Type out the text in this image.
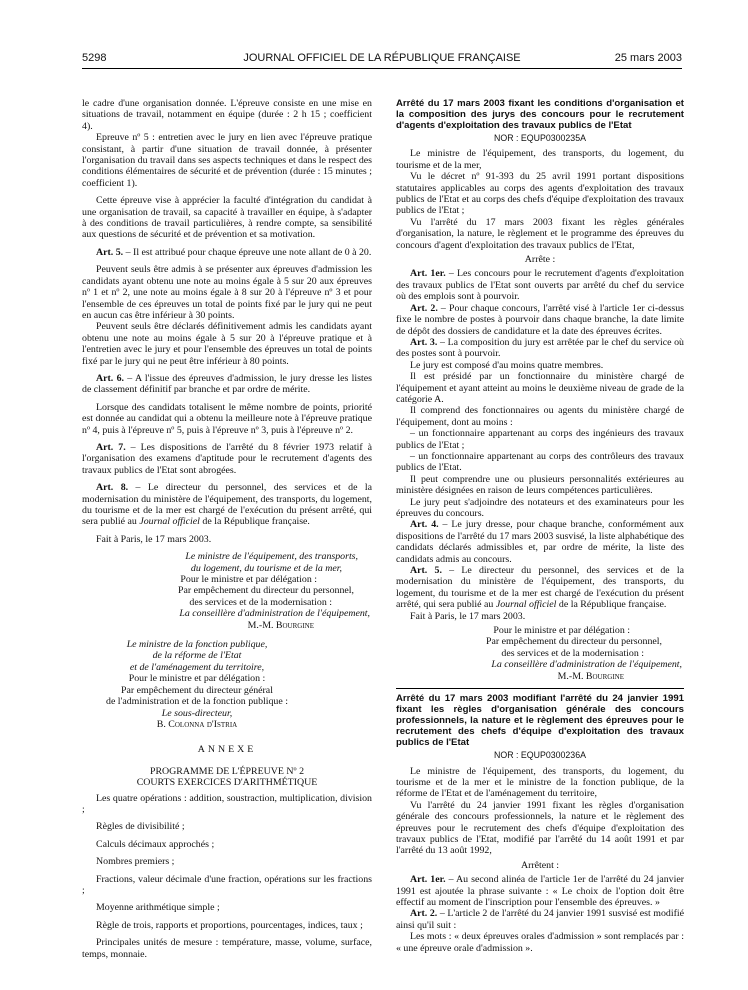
5298	JOURNAL OFFICIEL DE LA RÉPUBLIQUE FRANÇAISE	25 mars 2003

le cadre d'une organisation donnée. L'épreuve consiste en une mise en situations de travail, notamment en équipe (durée : 2 h 15 ; coefficient 4).

Epreuve nº 5 : entretien avec le jury en lien avec l'épreuve pratique consistant, à partir d'une situation de travail donnée, à présenter l'organisation du travail dans ses aspects techniques et dans le respect des conditions élémentaires de sécurité et de prévention (durée : 15 minutes ; coefficient 1).

Cette épreuve vise à apprécier la faculté d'intégration du candidat à une organisation de travail, sa capacité à travailler en équipe, à s'adapter à des conditions de travail particulières, à rendre compte, sa sensibilité aux questions de sécurité et de prévention et sa motivation.

Art. 5. – Il est attribué pour chaque épreuve une note allant de 0 à 20.

Peuvent seuls être admis à se présenter aux épreuves d'admission les candidats ayant obtenu une note au moins égale à 5 sur 20 aux épreuves nº 1 et nº 2, une note au moins égale à 8 sur 20 à l'épreuve nº 3 et pour l'ensemble de ces épreuves un total de points fixé par le jury qui ne peut en aucun cas être inférieur à 30 points.

Peuvent seuls être déclarés définitivement admis les candidats ayant obtenu une note au moins égale à 5 sur 20 à l'épreuve pratique et à l'entretien avec le jury et pour l'ensemble des épreuves un total de points fixé par le jury qui ne peut être inférieur à 80 points.

Art. 6. – A l'issue des épreuves d'admission, le jury dresse les listes de classement définitif par branche et par ordre de mérite.

Lorsque des candidats totalisent le même nombre de points, priorité est donnée au candidat qui a obtenu la meilleure note à l'épreuve pratique nº 4, puis à l'épreuve nº 5, puis à l'épreuve nº 3, puis à l'épreuve nº 2.

Art. 7. – Les dispositions de l'arrêté du 8 février 1973 relatif à l'organisation des examens d'aptitude pour le recrutement d'agents des travaux publics de l'Etat sont abrogées.

Art. 8. – Le directeur du personnel, des services et de la modernisation du ministère de l'équipement, des transports, du logement, du tourisme et de la mer est chargé de l'exécution du présent arrêté, qui sera publié au Journal officiel de la République française.

Fait à Paris, le 17 mars 2003.

Le ministre de l'équipement, des transports,

du logement, du tourisme et de la mer,

Pour le ministre et par délégation :

Par empêchement du directeur du personnel,

des services et de la modernisation :

La conseillère d'administration de l'équipement,

M.-M. Bourgine

Le ministre de la fonction publique,

de la réforme de l'Etat

et de l'aménagement du territoire,

Pour le ministre et par délégation :

Par empêchement du directeur général

de l'administration et de la fonction publique :

Le sous-directeur,

B. Colonna d'Istria

ANNEXE

PROGRAMME DE L'ÉPREUVE Nº 2

COURTS EXERCICES D'ARITHMÉTIQUE

Les quatre opérations : addition, soustraction, multiplication, division ;

Règles de divisibilité ;

Calculs décimaux approchés ;

Nombres premiers ;

Fractions, valeur décimale d'une fraction, opérations sur les fractions ;

Moyenne arithmétique simple ;

Règle de trois, rapports et proportions, pourcentages, indices, taux ;

Principales unités de mesure : température, masse, volume, surface, temps, monnaie.

Arrêté du 17 mars 2003 fixant les conditions d'organisation et la composition des jurys des concours pour le recrutement d'agents d'exploitation des travaux publics de l'Etat

NOR : EQUP0300235A

Le ministre de l'équipement, des transports, du logement, du tourisme et de la mer,

Vu le décret nº 91-393 du 25 avril 1991 portant dispositions statutaires applicables au corps des agents d'exploitation des travaux publics de l'Etat et au corps des chefs d'équipe d'exploitation des travaux publics de l'Etat ;

Vu l'arrêté du 17 mars 2003 fixant les règles générales d'organisation, la nature, le règlement et le programme des épreuves du concours d'agent d'exploitation des travaux publics de l'Etat,

Arrête :

Art. 1er. – Les concours pour le recrutement d'agents d'exploitation des travaux publics de l'Etat sont ouverts par arrêté du chef du service où des emplois sont à pourvoir.

Art. 2. – Pour chaque concours, l'arrêté visé à l'article 1er ci-dessus fixe le nombre de postes à pourvoir dans chaque branche, la date limite de dépôt des dossiers de candidature et la date des épreuves écrites.

Art. 3. – La composition du jury est arrêtée par le chef du service où des postes sont à pourvoir.

Le jury est composé d'au moins quatre membres.

Il est présidé par un fonctionnaire du ministère chargé de l'équipement et ayant atteint au moins le deuxième niveau de grade de la catégorie A.

Il comprend des fonctionnaires ou agents du ministère chargé de l'équipement, dont au moins :

– un fonctionnaire appartenant au corps des ingénieurs des travaux publics de l'Etat ;

– un fonctionnaire appartenant au corps des contrôleurs des travaux publics de l'Etat.

Il peut comprendre une ou plusieurs personnalités extérieures au ministère désignées en raison de leurs compétences particulières.

Le jury peut s'adjoindre des notateurs et des examinateurs pour les épreuves du concours.

Art. 4. – Le jury dresse, pour chaque branche, conformément aux dispositions de l'arrêté du 17 mars 2003 susvisé, la liste alphabétique des candidats déclarés admissibles et, par ordre de mérite, la liste des candidats admis au concours.

Art. 5. – Le directeur du personnel, des services et de la modernisation du ministère de l'équipement, des transports, du logement, du tourisme et de la mer est chargé de l'exécution du présent arrêté, qui sera publié au Journal officiel de la République française.

Fait à Paris, le 17 mars 2003.

Pour le ministre et par délégation :

Par empêchement du directeur du personnel,

des services et de la modernisation :

La conseillère d'administration de l'équipement,

M.-M. Bourgine

Arrêté du 17 mars 2003 modifiant l'arrêté du 24 janvier 1991 fixant les règles d'organisation générale des concours professionnels, la nature et le règlement des épreuves pour le recrutement des chefs d'équipe d'exploitation des travaux publics de l'Etat

NOR : EQUP0300236A

Le ministre de l'équipement, des transports, du logement, du tourisme et de la mer et le ministre de la fonction publique, de la réforme de l'Etat et de l'aménagement du territoire,

Vu l'arrêté du 24 janvier 1991 fixant les règles d'organisation générale des concours professionnels, la nature et le règlement des épreuves pour le recrutement des chefs d'équipe d'exploitation des travaux publics de l'Etat, modifié par l'arrêté du 14 août 1991 et par l'arrêté du 13 août 1992,

Arrêtent :

Art. 1er. – Au second alinéa de l'article 1er de l'arrêté du 24 janvier 1991 est ajoutée la phrase suivante : « Le choix de l'option doit être effectif au moment de l'inscription pour l'ensemble des épreuves. »

Art. 2. – L'article 2 de l'arrêté du 24 janvier 1991 susvisé est modifié ainsi qu'il suit :

Les mots : « deux épreuves orales d'admission » sont remplacés par : « une épreuve orale d'admission ».
